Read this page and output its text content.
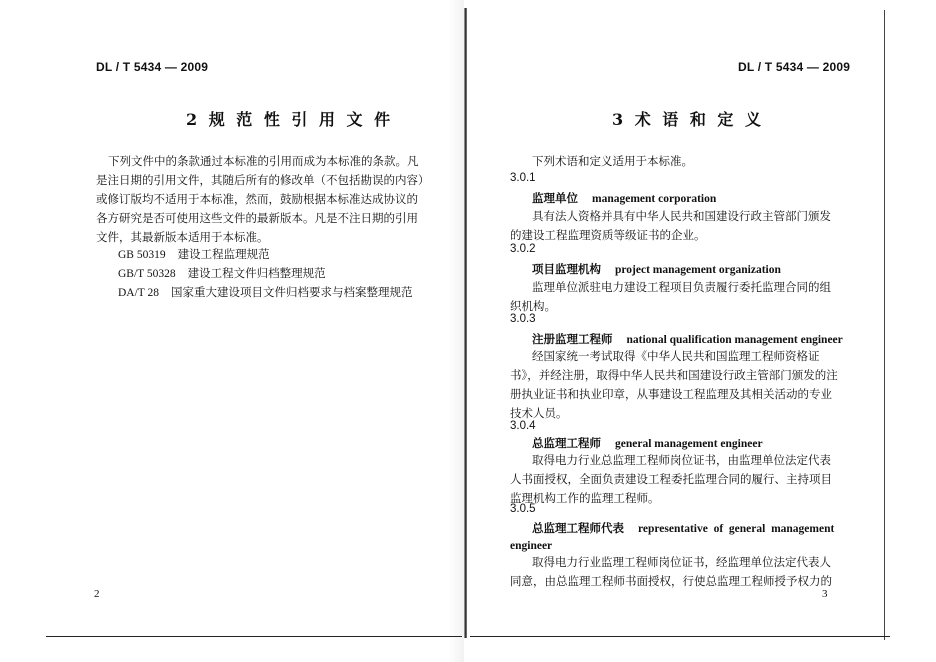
DL / T 5434 — 2009
2 规 范 性 引 用 文 件
下列文件中的条款通过本标准的引用而成为本标准的条款。凡
是注日期的引用文件，其随后所有的修改单（不包括勘误的内容）
或修订版均不适用于本标准，然而，鼓励根据本标准达成协议的
各方研究是否可使用这些文件的最新版本。凡是不注日期的引用
文件，其最新版本适用于本标准。
GB 50319 建设工程监理规范
GB/T 50328 建设工程文件归档整理规范
DA/T 28 国家重大建设项目文件归档要求与档案整理规范
2
DL / T 5434 — 2009
3 术 语 和 定 义
下列术语和定义适用于本标准。
3.0.1
监理单位 management corporation
具有法人资格并具有中华人民共和国建设行政主管部门颁发
的建设工程监理资质等级证书的企业。
3.0.2
项目监理机构 project management organization
监理单位派驻电力建设工程项目负责履行委托监理合同的组
织机构。
3.0.3
注册监理工程师 national qualification management engineer
经国家统一考试取得《中华人民共和国监理工程师资格证
书》，并经注册，取得中华人民共和国建设行政主管部门颁发的注
册执业证书和执业印章，从事建设工程监理及其相关活动的专业
技术人员。
3.0.4
总监理工程师 general management engineer
取得电力行业总监理工程师岗位证书，由监理单位法定代表
人书面授权，全面负责建设工程委托监理合同的履行、主持项目
监理机构工作的监理工程师。
3.0.5
总监理工程师代表 representative  of  general  management
engineer
取得电力行业监理工程师岗位证书，经监理单位法定代表人
同意，由总监理工程师书面授权，行使总监理工程师授予权力的
3
